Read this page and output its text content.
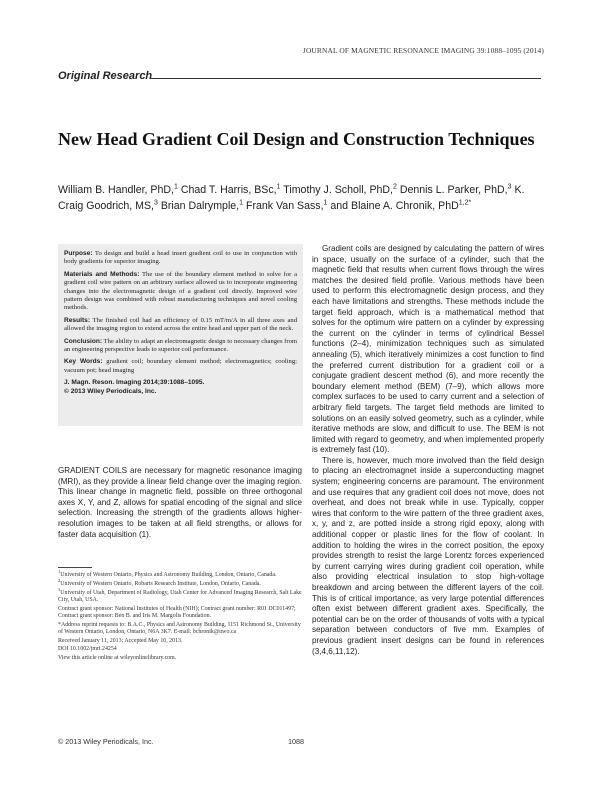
JOURNAL OF MAGNETIC RESONANCE IMAGING 39:1088–1095 (2014)
Original Research
New Head Gradient Coil Design and Construction Techniques
William B. Handler, PhD,$^1$ Chad T. Harris, BSc,$^1$ Timothy J. Scholl, PhD,$^2$ Dennis L. Parker, PhD,$^3$ K. Craig Goodrich, MS,$^3$ Brian Dalrymple,$^1$ Frank Van Sass,$^1$ and Blaine A. Chronik, PhD$^{1,2*}$

Purpose: To design and build a head insert gradient coil to use in conjunction with body gradients for superior imaging.

Materials and Methods: The use of the boundary element method to solve for a gradient coil wire pattern on an arbitrary surface allowed us to incorporate engineering changes into the electromagnetic design of a gradient coil directly. Improved wire pattern design was combined with robust manufacturing techniques and novel cooling methods.

Results: The finished coil had an efficiency of 0.15 mT/m/A in all three axes and allowed the imaging region to extend across the entire head and upper part of the neck.

Conclusion: The ability to adapt an electromagnetic design to necessary changes from an engineering perspective leads to superior coil performance.

Key Words: gradient coil; boundary element method; electromagnetics; cooling; vacuum pot; head imaging

J. Magn. Reson. Imaging 2014;39:1088–1095.

© 2013 Wiley Periodicals, Inc.

GRADIENT COILS are necessary for magnetic resonance imaging (MRI), as they provide a linear field change over the imaging region. This linear change in magnetic field, possible on three orthogonal axes X, Y, and Z, allows for spatial encoding of the signal and slice selection. Increasing the strength of the gradients allows higher-resolution images to be taken at all field strengths, or allows for faster data acquisition (1).

$^1$University of Western Ontario, Physics and Astronomy Building, London, Ontario, Canada.

$^2$University of Western Ontario, Robarts Research Institute, London, Ontario, Canada.

$^3$University of Utah, Department of Radiology, Utah Center for Advanced Imaging Research, Salt Lake City, Utah, USA.

Contract grant sponsor: National Institutes of Health (NIH); Contract grant number: R01 DC011497; Contract grant sponsor: Ben B. and Iris M. Margolis Foundation.

*Address reprint requests to: B.A.C., Physics and Astronomy Building, 1151 Richmond St., University of Western Ontario, London, Ontario, N6A 3K7. E-mail: bchronik@uwo.ca

Received January 11, 2013; Accepted May 10, 2013.

DOI 10.1002/jmri.24254

View this article online at wileyonlinelibrary.com.

Gradient coils are designed by calculating the pattern of wires in space, usually on the surface of a cylinder, such that the magnetic field that results when current flows through the wires matches the desired field profile. Various methods have been used to perform this electromagnetic design process, and they each have limitations and strengths. These methods include the target field approach, which is a mathematical method that solves for the optimum wire pattern on a cylinder by expressing the current on the cylinder in terms of cylindrical Bessel functions (2–4), minimization techniques such as simulated annealing (5), which iteratively minimizes a cost function to find the preferred current distribution for a gradient coil or a conjugate gradient descent method (6), and more recently the boundary element method (BEM) (7–9), which allows more complex surfaces to be used to carry current and a selection of arbitrary field targets. The target field methods are limited to solutions on an easily solved geometry, such as a cylinder, while iterative methods are slow, and difficult to use. The BEM is not limited with regard to geometry, and when implemented properly is extremely fast (10).

There is, however, much more involved than the field design to placing an electromagnet inside a superconducting magnet system; engineering concerns are paramount. The environment and use requires that any gradient coil does not move, does not overheat, and does not break while in use. Typically, copper wires that conform to the wire pattern of the three gradient axes, x, y, and z, are potted inside a strong rigid epoxy, along with additional copper or plastic lines for the flow of coolant. In addition to holding the wires in the correct position, the epoxy provides strength to resist the large Lorentz forces experienced by current carrying wires during gradient coil operation, while also providing electrical insulation to stop high-voltage breakdown and arcing between the different layers of the coil. This is of critical importance, as very large potential differences often exist between different gradient axes. Specifically, the potential can be on the order of thousands of volts with a typical separation between conductors of five mm. Examples of previous gradient insert designs can be found in references (3,4,6,11,12).

© 2013 Wiley Periodicals, Inc.	1088
